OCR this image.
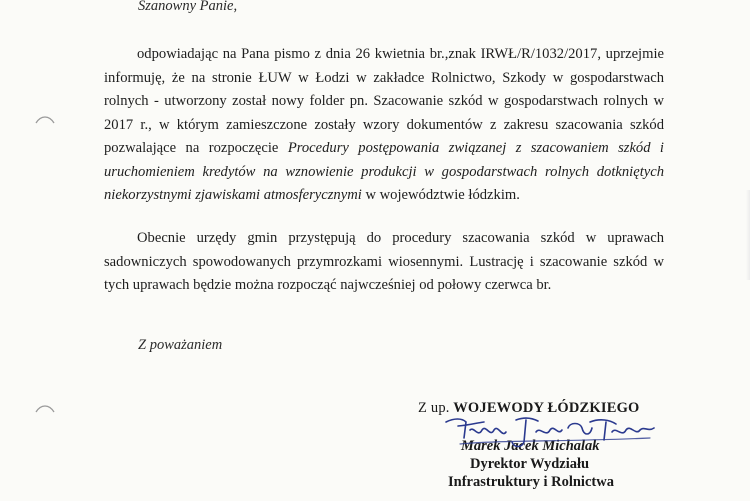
Szanowny Panie,
odpowiadając na Pana pismo z dnia 26 kwietnia br.,znak IRWŁ/R/1032/2017, uprzejmie
informuję, że na stronie ŁUW w Łodzi w zakładce Rolnictwo, Szkody w gospodarstwach
rolnych - utworzony został nowy folder pn. Szacowanie szkód w gospodarstwach rolnych w
2017 r., w którym zamieszczone zostały wzory dokumentów z zakresu szacowania szkód
pozwalające na rozpoczęcie Procedury postępowania związanej z szacowaniem szkód i
uruchomieniem kredytów na wznowienie produkcji w gospodarstwach rolnych dotkniętych
niekorzystnymi zjawiskami atmosferycznymi w województwie łódzkim.
Obecnie urzędy gmin przystępują do procedury szacowania szkód w uprawach
sadowniczych spowodowanych przymrozkami wiosennymi. Lustrację i szacowanie szkód w
tych uprawach będzie można rozpocząć najwcześniej od połowy czerwca br.
Z poważaniem
Z up. WOJEWODY ŁÓDZKIEGO
Marek Jacek Michalak
Dyrektor Wydziału
Infrastruktury i Rolnictwa
